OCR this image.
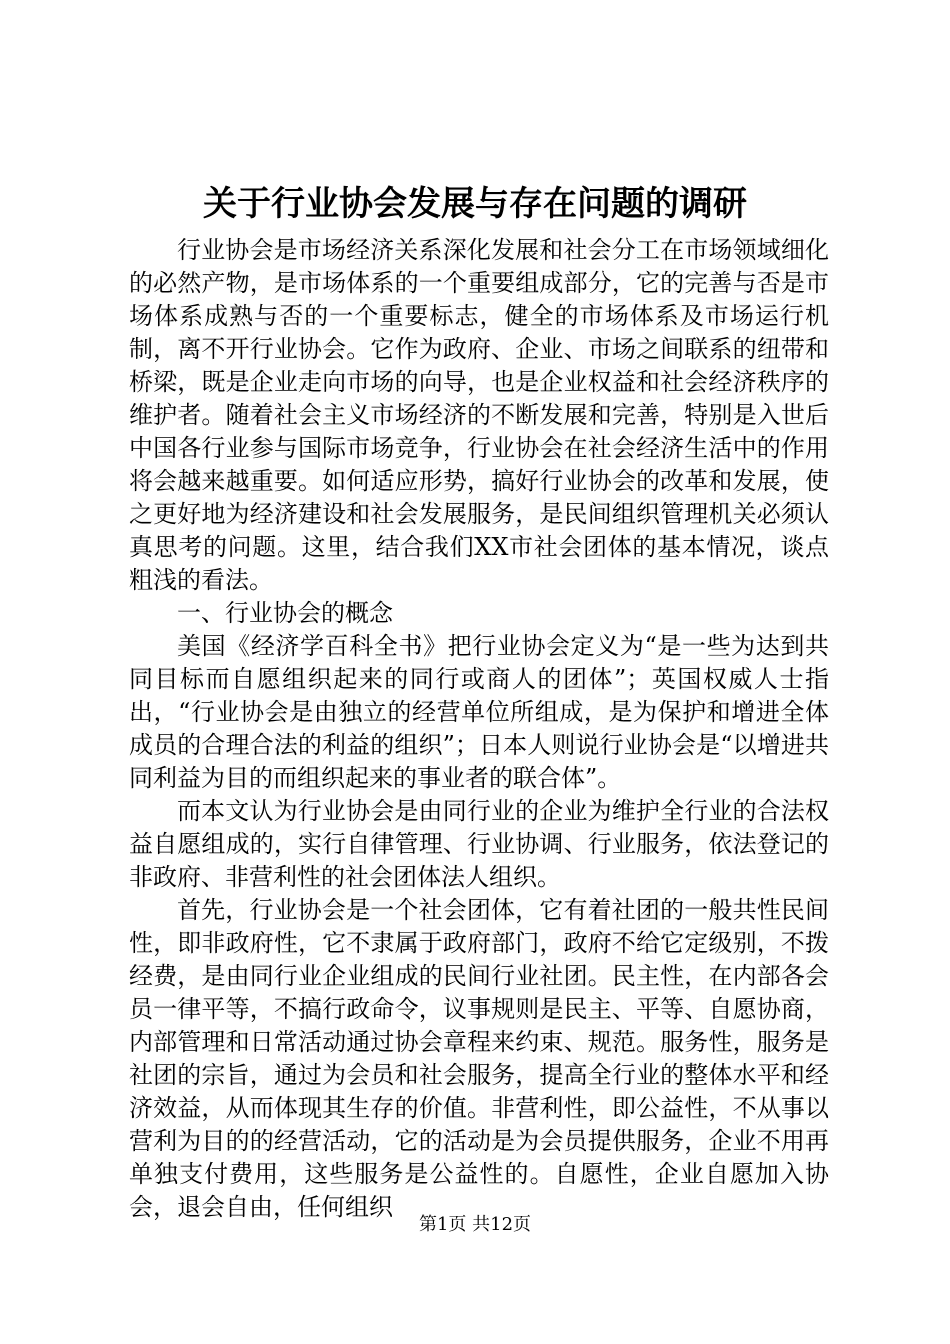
关于行业协会发展与存在问题的调研

行业协会是市场经济关系深化发展和社会分工在市场领域细化的必然产物，是市场体系的一个重要组成部分，它的完善与否是市场体系成熟与否的一个重要标志，健全的市场体系及市场运行机制，离不开行业协会。它作为政府、企业、市场之间联系的纽带和桥梁，既是企业走向市场的向导，也是企业权益和社会经济秩序的维护者。随着社会主义市场经济的不断发展和完善，特别是入世后中国各行业参与国际市场竞争，行业协会在社会经济生活中的作用将会越来越重要。如何适应形势，搞好行业协会的改革和发展，使之更好地为经济建设和社会发展服务，是民间组织管理机关必须认真思考的问题。这里，结合我们XX市社会团体的基本情况，谈点粗浅的看法。

一、行业协会的概念

美国《经济学百科全书》把行业协会定义为“是一些为达到共同目标而自愿组织起来的同行或商人的团体”；英国权威人士指出，“行业协会是由独立的经营单位所组成，是为保护和增进全体成员的合理合法的利益的组织”；日本人则说行业协会是“以增进共同利益为目的而组织起来的事业者的联合体”。

而本文认为行业协会是由同行业的企业为维护全行业的合法权益自愿组成的，实行自律管理、行业协调、行业服务，依法登记的非政府、非营利性的社会团体法人组织。

首先，行业协会是一个社会团体，它有着社团的一般共性民间性，即非政府性，它不隶属于政府部门，政府不给它定级别，不拨经费，是由同行业企业组成的民间行业社团。民主性，在内部各会员一律平等，不搞行政命令，议事规则是民主、平等、自愿协商，内部管理和日常活动通过协会章程来约束、规范。服务性，服务是社团的宗旨，通过为会员和社会服务，提高全行业的整体水平和经济效益，从而体现其生存的价值。非营利性，即公益性，不从事以营利为目的的经营活动，它的活动是为会员提供服务，企业不用再单独支付费用，这些服务是公益性的。自愿性，企业自愿加入协会，退会自由，任何组织

第1页 共12页
